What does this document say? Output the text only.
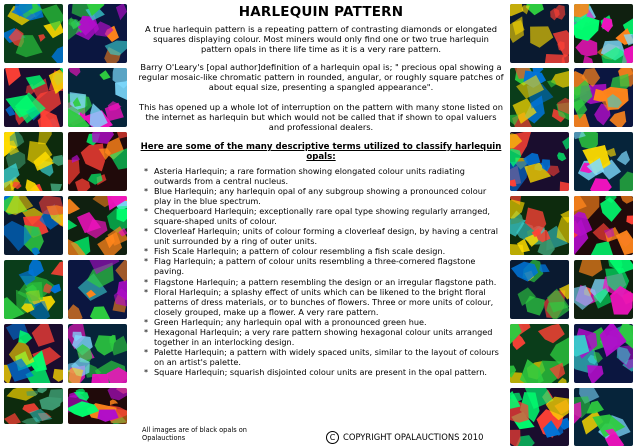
HARLEQUIN PATTERN
A true harlequin pattern is a repeating pattern of contrasting diamonds or elongated squares displaying colour. Most miners would only find one or two true harlequin pattern opals in there life time as it is a very rare pattern.
Barry O'Leary's [opal author]definition of a harlequin opal is; " precious opal showing a regular mosaic-like chromatic pattern in rounded, angular, or roughly square patches of about equal size, presenting a spangled appearance".
This has opened up a whole lot of interruption on the pattern with many stone listed on the internet as harlequin but which would not be called that if shown to opal valuers and professional dealers.
Here are some of the many descriptive terms utilized to classify harlequin opals:
* Asteria Harlequin; a rare formation showing elongated colour units radiating outwards from a central nucleus.
* Blue Harlequin; any harlequin opal of any subgroup showing a pronounced colour play in the blue spectrum.
* Chequerboard Harlequin; exceptionally rare opal type showing regularly arranged, square-shaped units of colour.
* Cloverleaf Harlequin; units of colour forming a cloverleaf design, by having a central unit surrounded by a ring of outer units.
* Fish Scale Harlequin; a pattern of colour resembling a fish scale design.
* Flag Harlequin; a pattern of colour units resembling a three-cornered flagstone paving.
* Flagstone Harlequin; a pattern resembling the design or an irregular flagstone path.
* Floral Harlequin; a splashy effect of units which can be likened to the bright floral patterns of dress materials, or to bunches of flowers. Three or more units of colour, closely grouped, make up a flower. A very rare pattern.
* Green Harlequin; any harlequin opal with a pronounced green hue.
* Hexagonal Harlequin; a very rare pattern showing hexagonal colour units arranged together in an interlocking design.
* Palette Harlequin; a pattern with widely spaced units, similar to the layout of colours on an artist's palette.
* Square Harlequin; squarish disjointed colour units are present in the opal pattern.
All images are of black opals on Opalauctions	C COPYRIGHT OPALAUCTIONS 2010
